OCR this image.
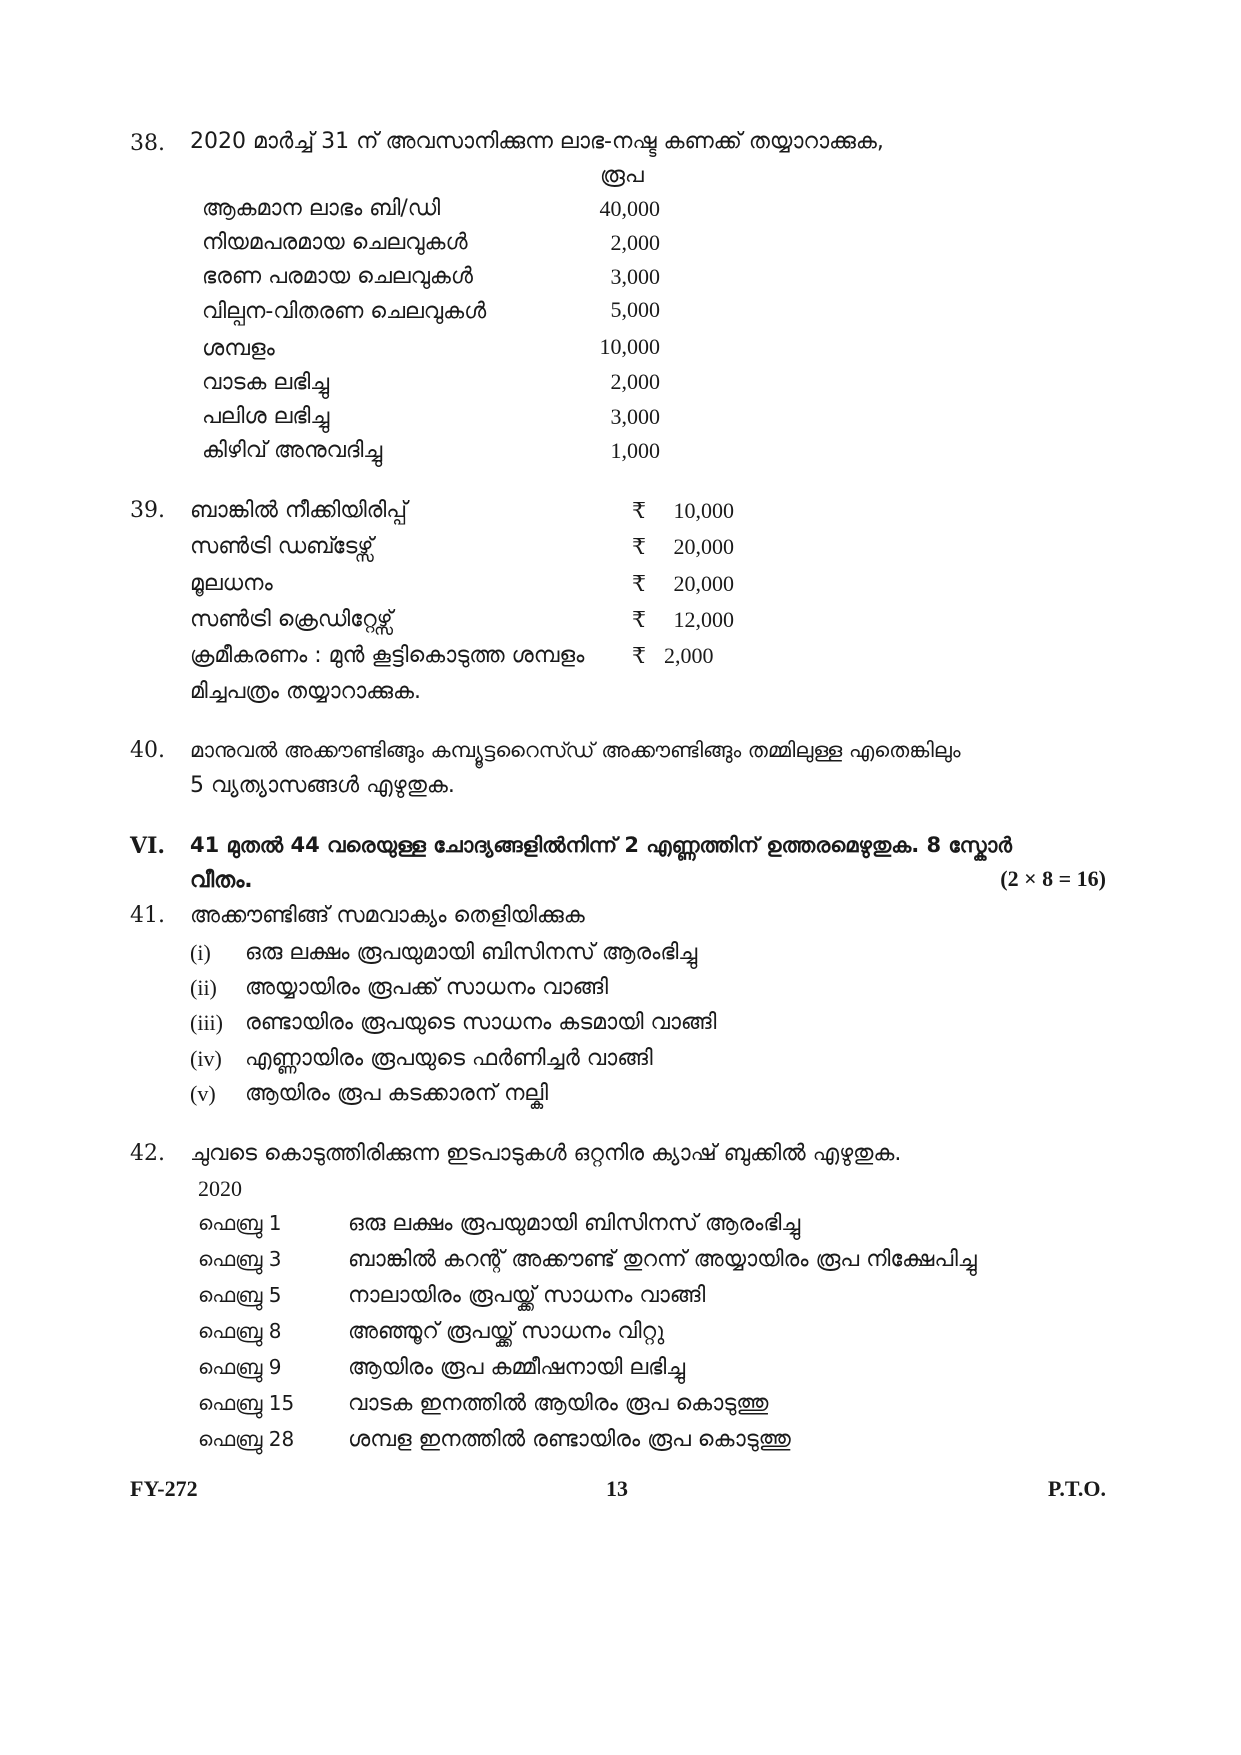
38. 2020 മാർച്ച് 31 ന് അവസാനിക്കുന്ന ലാഭ-നഷ്ട കണക്ക് തയ്യാറാക്കുക,
രൂപ
ആകമാന ലാഭം ബി/ഡി	40,000
നിയമപരമായ ചെലവുകൾ	2,000
ഭരണ പരമായ ചെലവുകൾ	3,000
വില്പന-വിതരണ ചെലവുകൾ	5,000
ശമ്പളം	10,000
വാടക ലഭിച്ചു	2,000
പലിശ ലഭിച്ചു	3,000
കിഴിവ് അനുവദിച്ചു	1,000
39. ബാങ്കിൽ നീക്കിയിരിപ്പ്	₹	10,000
സൺട്രി ഡബ്ടേഴ്സ്	₹	20,000
മൂലധനം	₹	20,000
സൺട്രി ക്രെഡിറ്റേഴ്സ്	₹	12,000
ക്രമീകരണം : മുൻ കൂട്ടികൊടുത്ത ശമ്പളം ₹ 2,000
മിച്ചപത്രം തയ്യാറാക്കുക.
40. മാനുവൽ അക്കൗണ്ടിങ്ങും കമ്പ്യൂട്ടറൈസ്ഡ് അക്കൗണ്ടിങ്ങും തമ്മിലുള്ള എതെങ്കിലും
5 വ്യത്യാസങ്ങൾ എഴുതുക.
VI. 41 മുതൽ 44 വരെയുള്ള ചോദ്യങ്ങളിൽനിന്ന് 2 എണ്ണത്തിന് ഉത്തരമെഴുതുക. 8 സ്കോർ
വീതം.	(2 × 8 = 16)
41. അക്കൗണ്ടിങ്ങ് സമവാക്യം തെളിയിക്കുക
(i) ഒരു ലക്ഷം രൂപയുമായി ബിസിനസ് ആരംഭിച്ചു
(ii) അയ്യായിരം രൂപക്ക് സാധനം വാങ്ങി
(iii) രണ്ടായിരം രൂപയുടെ സാധനം കടമായി വാങ്ങി
(iv) എണ്ണായിരം രൂപയുടെ ഫർണിച്ചർ വാങ്ങി
(v) ആയിരം രൂപ കടക്കാരന് നല്കി
42. ചുവടെ കൊടുത്തിരിക്കുന്ന ഇടപാടുകൾ ഒറ്റനിര ക്യാഷ് ബുക്കിൽ എഴുതുക.
2020
ഫെബ്രു 1	ഒരു ലക്ഷം രൂപയുമായി ബിസിനസ് ആരംഭിച്ചു
ഫെബ്രു 3	ബാങ്കിൽ കറന്റ് അക്കൗണ്ട് തുറന്ന് അയ്യായിരം രൂപ നിക്ഷേപിച്ചു
ഫെബ്രു 5	നാലായിരം രൂപയ്ക്ക് സാധനം വാങ്ങി
ഫെബ്രു 8	അഞ്ഞൂറ് രൂപയ്ക്ക് സാധനം വിറ്റു
ഫെബ്രു 9	ആയിരം രൂപ കമ്മീഷനായി ലഭിച്ചു
ഫെബ്രു 15 വാടക ഇനത്തിൽ ആയിരം രൂപ കൊടുത്തു
ഫെബ്രു 28 ശമ്പള ഇനത്തിൽ രണ്ടായിരം രൂപ കൊടുത്തു
FY-272	13	P.T.O.
